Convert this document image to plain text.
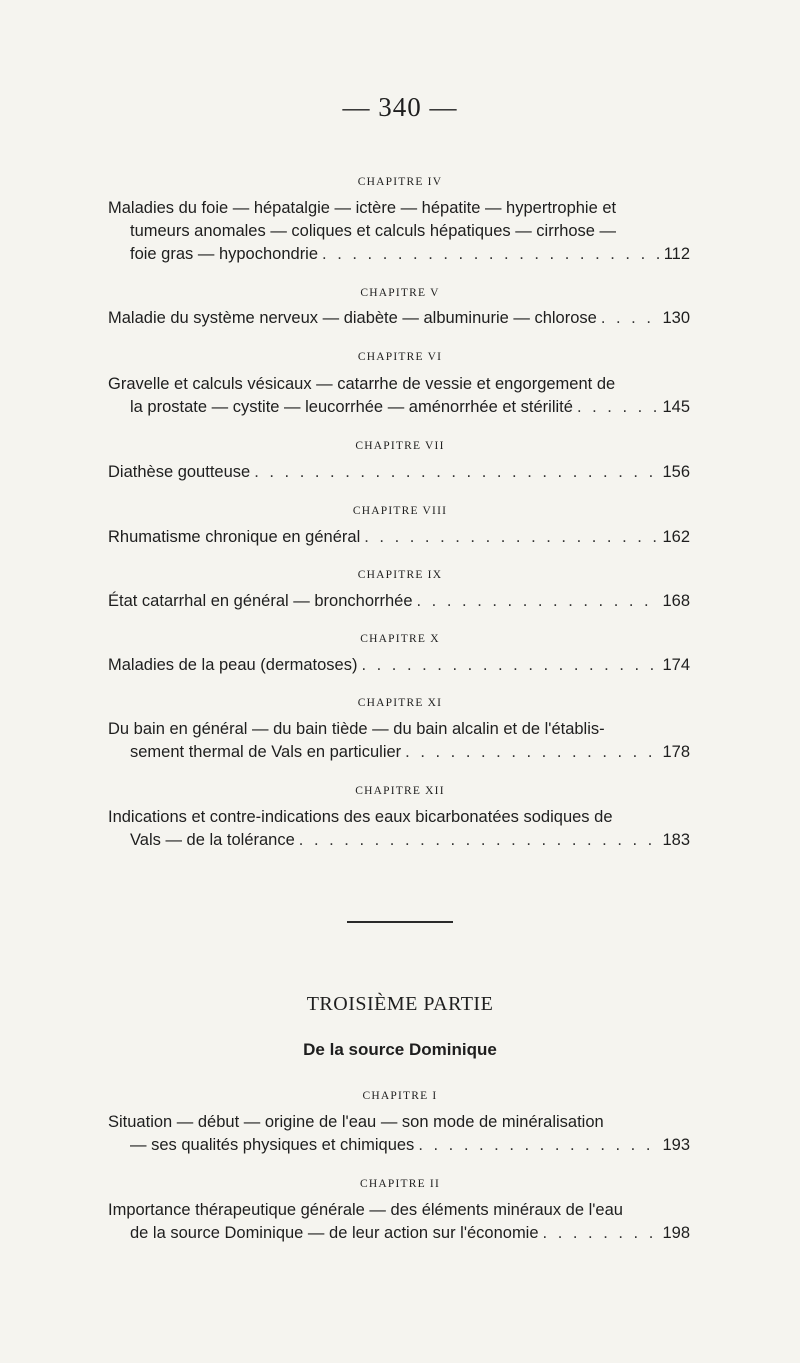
— 340 —
CHAPITRE IV
Maladies du foie — hépatalgie — ictère — hépatite — hypertrophie et
tumeurs anomales — coliques et calculs hépatiques — cirrhose —
foie gras — hypochondrie . . .	112
CHAPITRE V
Maladie du système nerveux — diabète — albuminurie — chlorose . . .	130
CHAPITRE VI
Gravelle et calculs vésicaux — catarrhe de vessie et engorgement de
la prostate — cystite — leucorrhée — aménorrhée et stérilité . . .	145
CHAPITRE VII
Diathèse goutteuse . . .	156
CHAPITRE VIII
Rhumatisme chronique en général . . .	162
CHAPITRE IX
État catarrhal en général — bronchorrhée . . .	168
CHAPITRE X
Maladies de la peau (dermatoses) . . .	174
CHAPITRE XI
Du bain en général — du bain tiède — du bain alcalin et de l'établis-
sement thermal de Vals en particulier . . .	178
CHAPITRE XII
Indications et contre-indications des eaux bicarbonatées sodiques de
Vals — de la tolérance . . .	183
TROISIÈME PARTIE
De la source Dominique
CHAPITRE I
Situation — début — origine de l'eau — son mode de minéralisation
— ses qualités physiques et chimiques . . .	193
CHAPITRE II
Importance thérapeutique générale — des éléments minéraux de l'eau
de la source Dominique — de leur action sur l'économie . . .	198
